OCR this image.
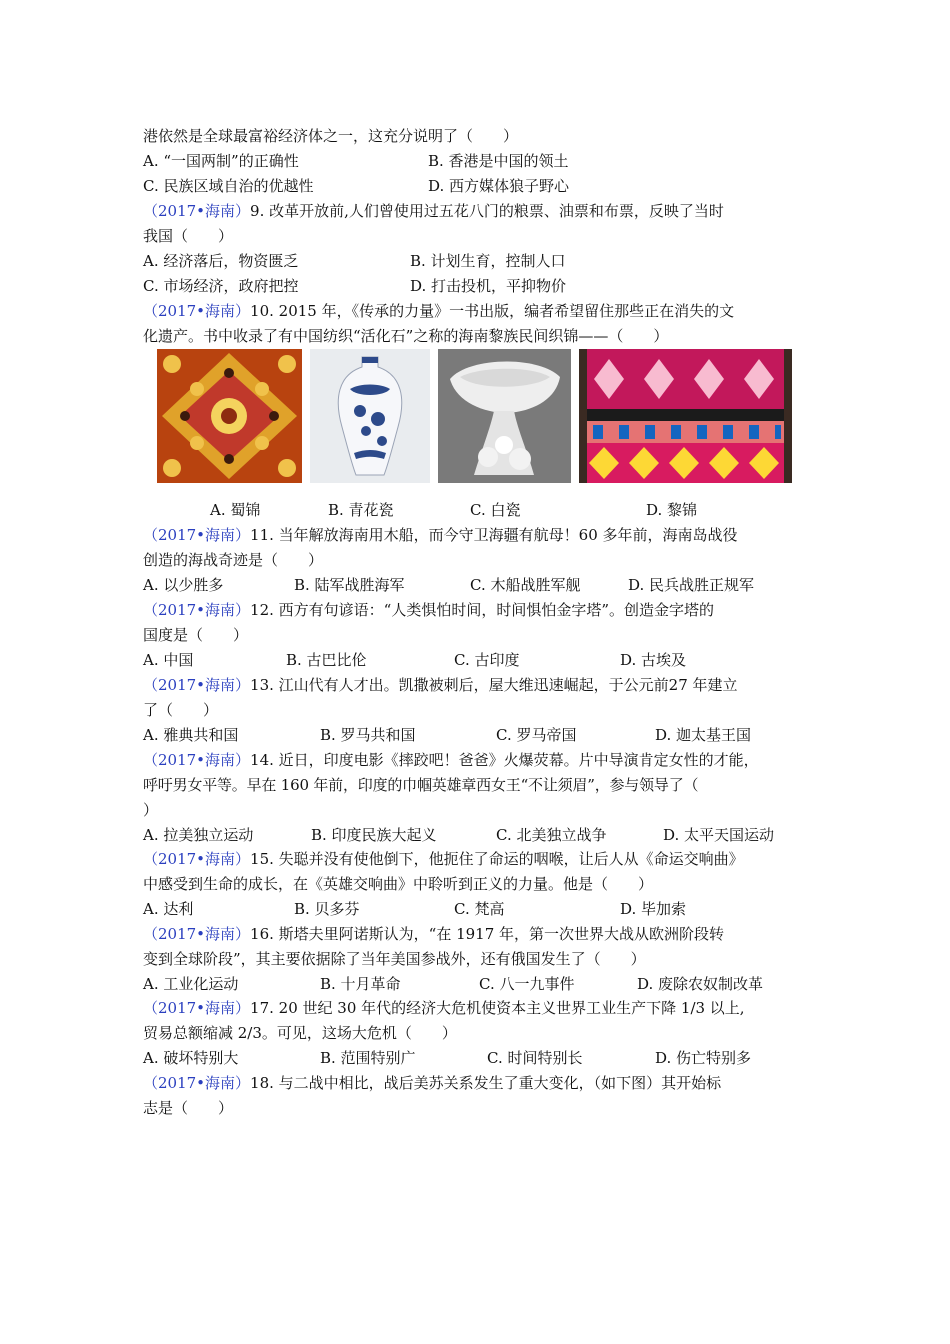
港依然是全球最富裕经济体之一，这充分说明了（　　）
A. “一国两制”的正确性	B. 香港是中国的领土
C. 民族区域自治的优越性	D. 西方媒体狼子野心
（2017•海南）9. 改革开放前,人们曾使用过五花八门的粮票、油票和布票，反映了当时
我国（　　）
A. 经济落后，物资匮乏	B. 计划生育，控制人口
C. 市场经济，政府把控	D. 打击投机，平抑物价
（2017•海南）10. 2015 年，《传承的力量》一书出版，编者希望留住那些正在消失的文
化遗产。书中收录了有中国纺织“活化石”之称的海南黎族民间织锦——（　　）
A. 蜀锦	B. 青花瓷	C. 白瓷	D. 黎锦
（2017•海南）11. 当年解放海南用木船，而今守卫海疆有航母！60 多年前，海南岛战役
创造的海战奇迹是（　　）
A. 以少胜多	B. 陆军战胜海军	C. 木船战胜军舰	D. 民兵战胜正规军
（2017•海南）12. 西方有句谚语：“人类惧怕时间，时间惧怕金字塔”。创造金字塔的
国度是（　　）
A. 中国	B. 古巴比伦	C. 古印度	D. 古埃及
（2017•海南）13. 江山代有人才出。凯撒被刺后，屋大维迅速崛起，于公元前27 年建立
了（　　）
A. 雅典共和国	B. 罗马共和国	C. 罗马帝国	D. 迦太基王国
（2017•海南）14. 近日，印度电影《摔跤吧！爸爸》火爆荧幕。片中导演肯定女性的才能，
呼吁男女平等。早在 160 年前，印度的巾帼英雄章西女王“不让须眉”，参与领导了（
）
A. 拉美独立运动	B. 印度民族大起义	C. 北美独立战争	D. 太平天国运动
（2017•海南）15. 失聪并没有使他倒下，他扼住了命运的咽喉，让后人从《命运交响曲》
中感受到生命的成长，在《英雄交响曲》中聆听到正义的力量。他是（　　）
A. 达利	B. 贝多芬	C. 梵高	D. 毕加索
（2017•海南）16. 斯塔夫里阿诺斯认为，“在 1917 年，第一次世界大战从欧洲阶段转
变到全球阶段”，其主要依据除了当年美国参战外，还有俄国发生了（　　）
A. 工业化运动	B. 十月革命	C. 八一九事件	D. 废除农奴制改革
（2017•海南）17. 20 世纪 30 年代的经济大危机使资本主义世界工业生产下降 1/3 以上,
贸易总额缩减 2/3。可见，这场大危机（　　）
A. 破坏特别大	B. 范围特别广	C. 时间特别长	D. 伤亡特别多
（2017•海南）18. 与二战中相比，战后美苏关系发生了重大变化，（如下图）其开始标
志是（　　）
